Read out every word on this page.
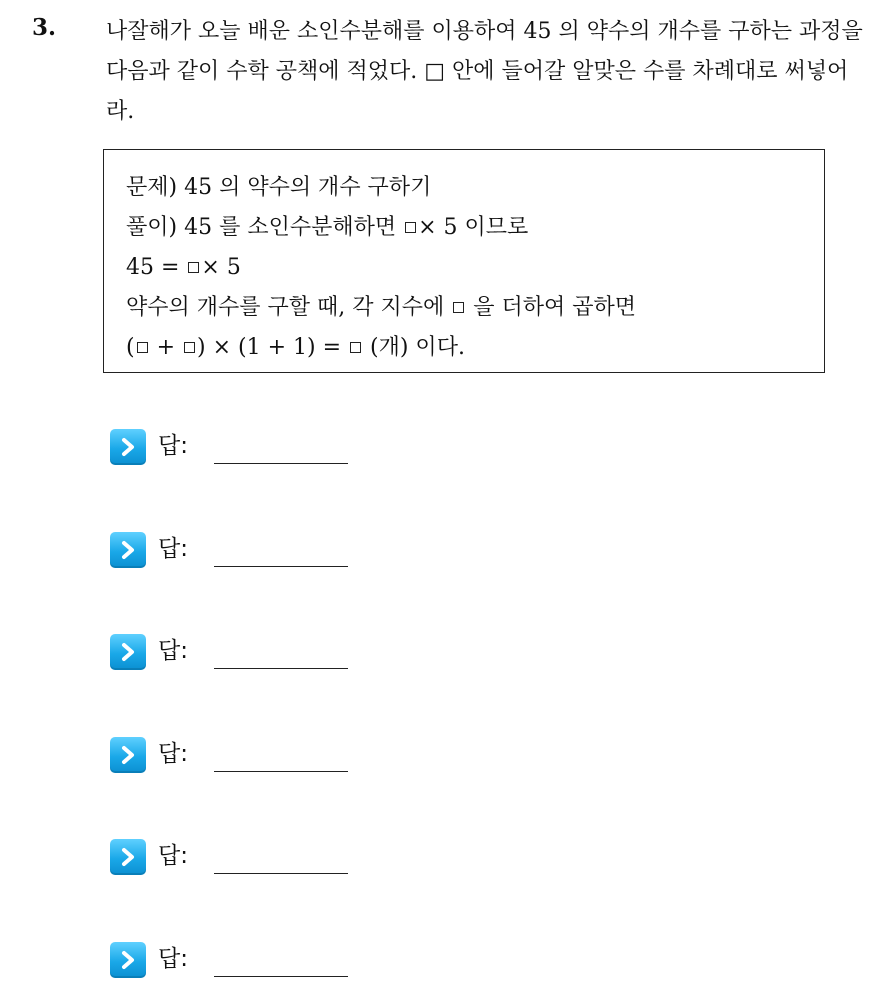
3. 나잘해가 오늘 배운 소인수분해를 이용하여 45 의 약수의 개수를 구하는 과정을 다음과 같이 수학 공책에 적었다. □ 안에 들어갈 알맞은 수를 차례대로 써넣어라.
문제) 45 의 약수의 개수 구하기
풀이) 45 를 소인수분해하면 × 5 이므로
45 = × 5
약수의 개수를 구할 때, 각 지수에  을 더하여 곱하면
( + ) × (1 + 1) =  (개) 이다.
답:
답:
답:
답:
답:
답:
